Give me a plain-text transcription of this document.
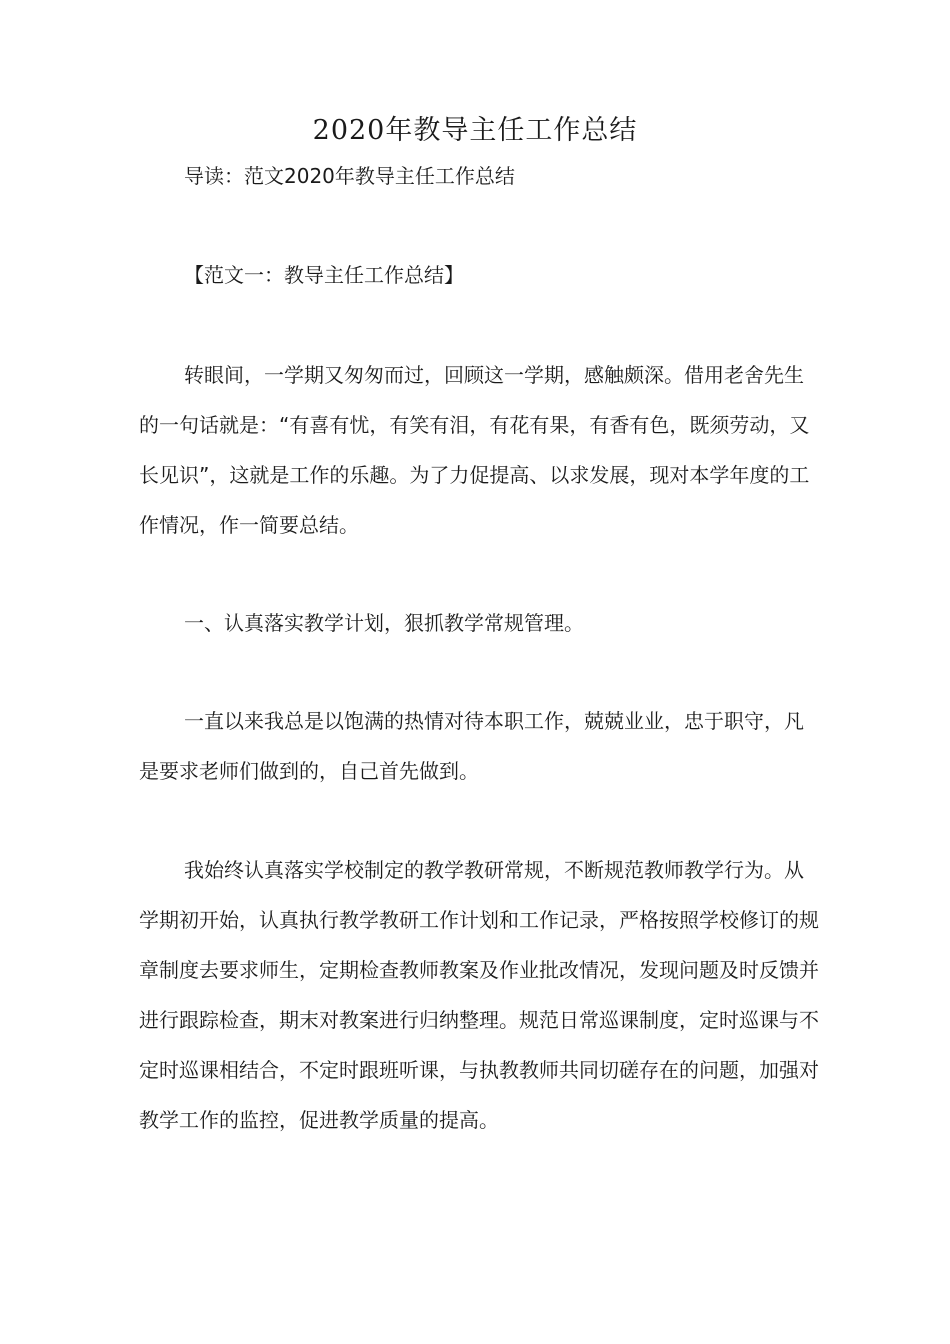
2020年教导主任工作总结

导读：范文2020年教导主任工作总结

【范文一：教导主任工作总结】

转眼间，一学期又匆匆而过，回顾这一学期，感触颇深。借用老舍先生的一句话就是：“有喜有忧，有笑有泪，有花有果，有香有色，既须劳动，又长见识”，这就是工作的乐趣。为了力促提高、以求发展，现对本学年度的工作情况，作一简要总结。

一、认真落实教学计划，狠抓教学常规管理。

一直以来我总是以饱满的热情对待本职工作，兢兢业业，忠于职守，凡是要求老师们做到的，自己首先做到。

我始终认真落实学校制定的教学教研常规，不断规范教师教学行为。从学期初开始，认真执行教学教研工作计划和工作记录，严格按照学校修订的规章制度去要求师生，定期检查教师教案及作业批改情况，发现问题及时反馈并进行跟踪检查，期末对教案进行归纳整理。规范日常巡课制度，定时巡课与不定时巡课相结合，不定时跟班听课，与执教教师共同切磋存在的问题，加强对教学工作的监控，促进教学质量的提高。
